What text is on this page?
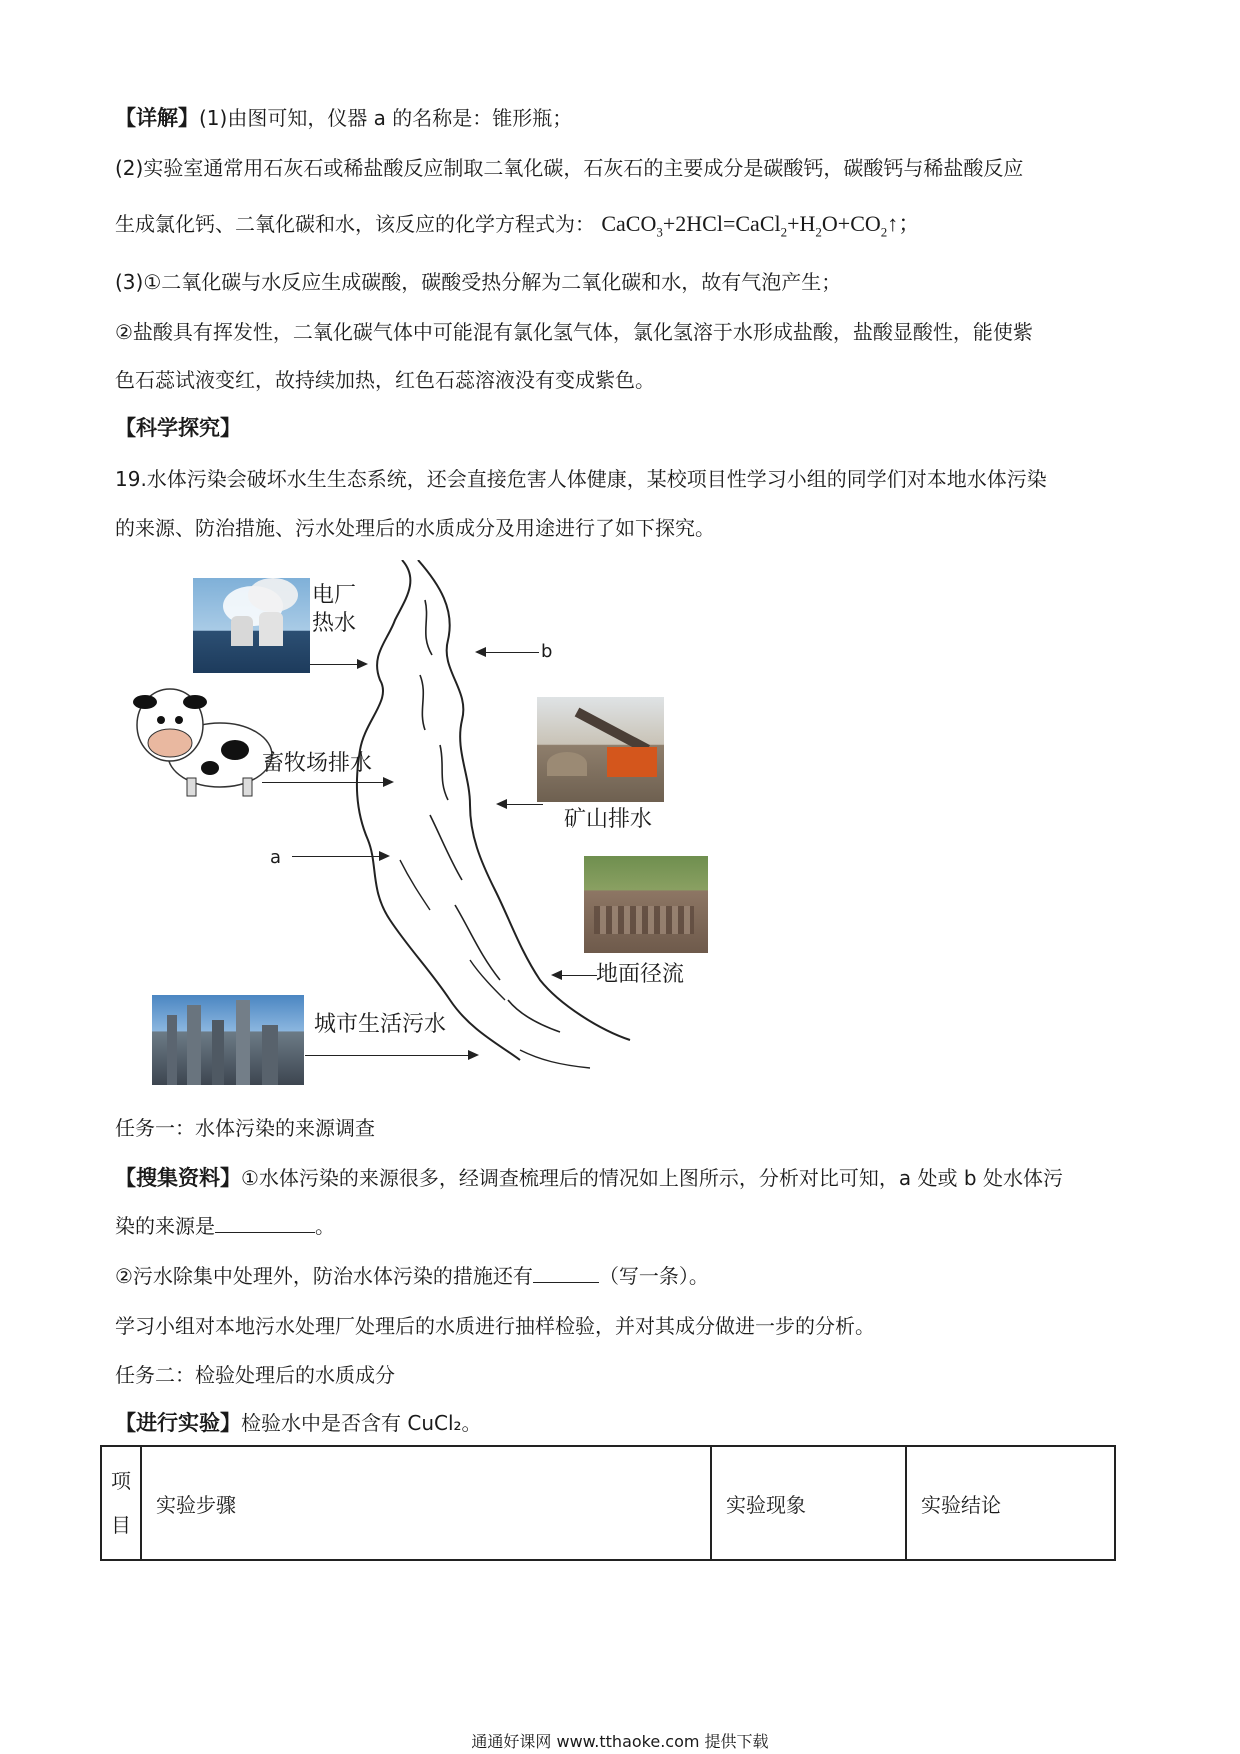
【详解】(1)由图可知，仪器 a 的名称是：锥形瓶；
(2)实验室通常用石灰石或稀盐酸反应制取二氧化碳，石灰石的主要成分是碳酸钙，碳酸钙与稀盐酸反应
生成氯化钙、二氧化碳和水，该反应的化学方程式为： $CaCO_3+2HCl=CaCl_2+H_2O+CO_2↑$；
(3)①二氧化碳与水反应生成碳酸，碳酸受热分解为二氧化碳和水，故有气泡产生；
②盐酸具有挥发性，二氧化碳气体中可能混有氯化氢气体，氯化氢溶于水形成盐酸，盐酸显酸性，能使紫
色石蕊试液变红，故持续加热，红色石蕊溶液没有变成紫色。
【科学探究】
19.水体污染会破坏水生生态系统，还会直接危害人体健康，某校项目性学习小组的同学们对本地水体污染
的来源、防治措施、污水处理后的水质成分及用途进行了如下探究。
电厂
热水
b
畜牧场排水
矿山排水
a
地面径流
城市生活污水
任务一：水体污染的来源调查
【搜集资料】①水体污染的来源很多，经调查梳理后的情况如上图所示，分析对比可知，a 处或 b 处水体污
染的来源是	。
②污水除集中处理外，防治水体污染的措施还有	（写一条）。
学习小组对本地污水处理厂处理后的水质进行抽样检验，并对其成分做进一步的分析。
任务二：检验处理后的水质成分
【进行实验】检验水中是否含有 CuCl₂。
项
目
	实验步骤	实验现象	实验结论
通通好课网 www.tthaoke.com 提供下载
